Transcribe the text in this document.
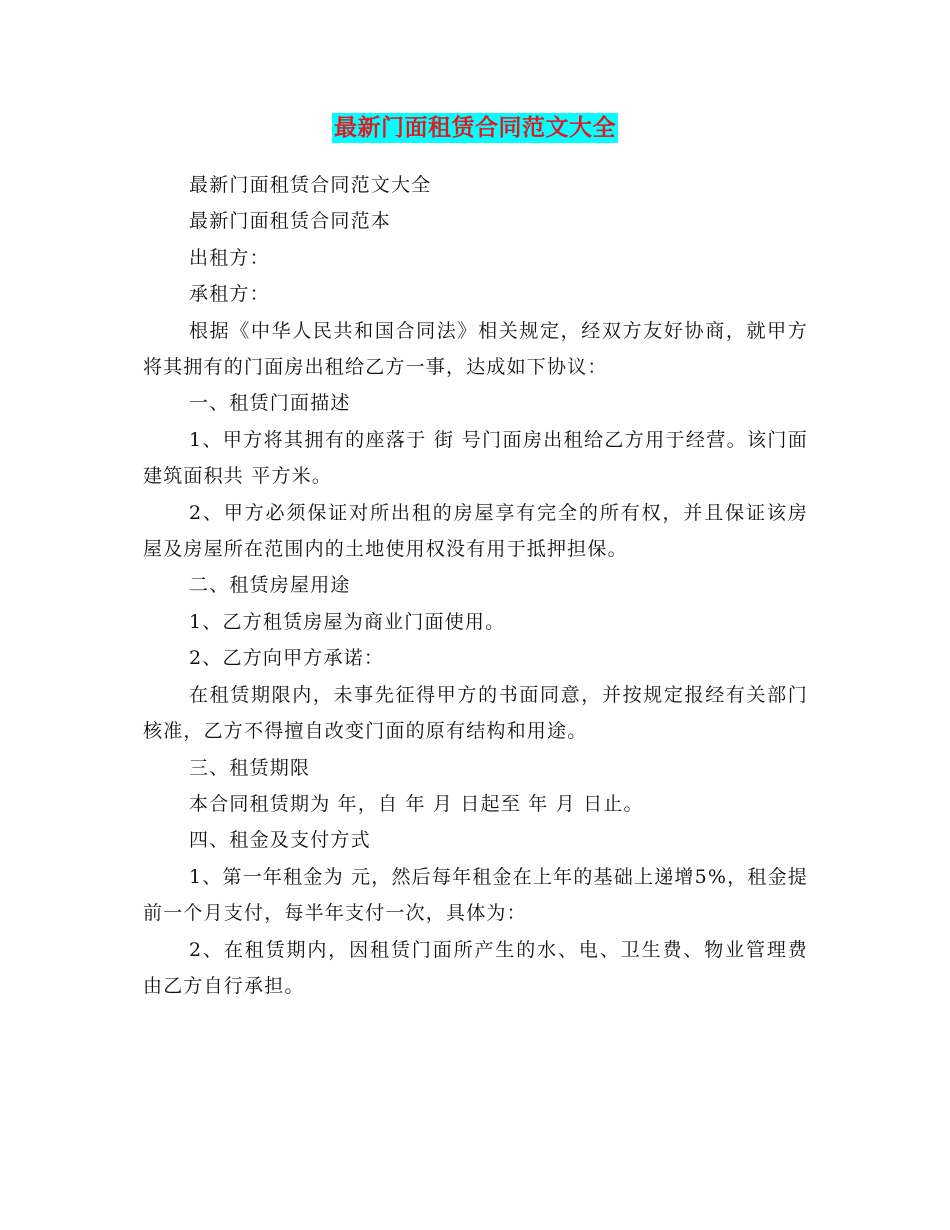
最新门面租赁合同范文大全

最新门面租赁合同范文大全

最新门面租赁合同范本

出租方：

承租方：

根据《中华人民共和国合同法》相关规定，经双方友好协商，就甲方将其拥有的门面房出租给乙方一事，达成如下协议：

一、租赁门面描述

1、甲方将其拥有的座落于 街 号门面房出租给乙方用于经营。该门面建筑面积共 平方米。

2、甲方必须保证对所出租的房屋享有完全的所有权，并且保证该房屋及房屋所在范围内的土地使用权没有用于抵押担保。

二、租赁房屋用途

1、乙方租赁房屋为商业门面使用。

2、乙方向甲方承诺：

在租赁期限内，未事先征得甲方的书面同意，并按规定报经有关部门核准，乙方不得擅自改变门面的原有结构和用途。

三、租赁期限

本合同租赁期为 年，自 年 月 日起至 年 月 日止。

四、租金及支付方式

1、第一年租金为 元，然后每年租金在上年的基础上递增5%，租金提前一个月支付，每半年支付一次，具体为：

2、在租赁期内，因租赁门面所产生的水、电、卫生费、物业管理费由乙方自行承担。
